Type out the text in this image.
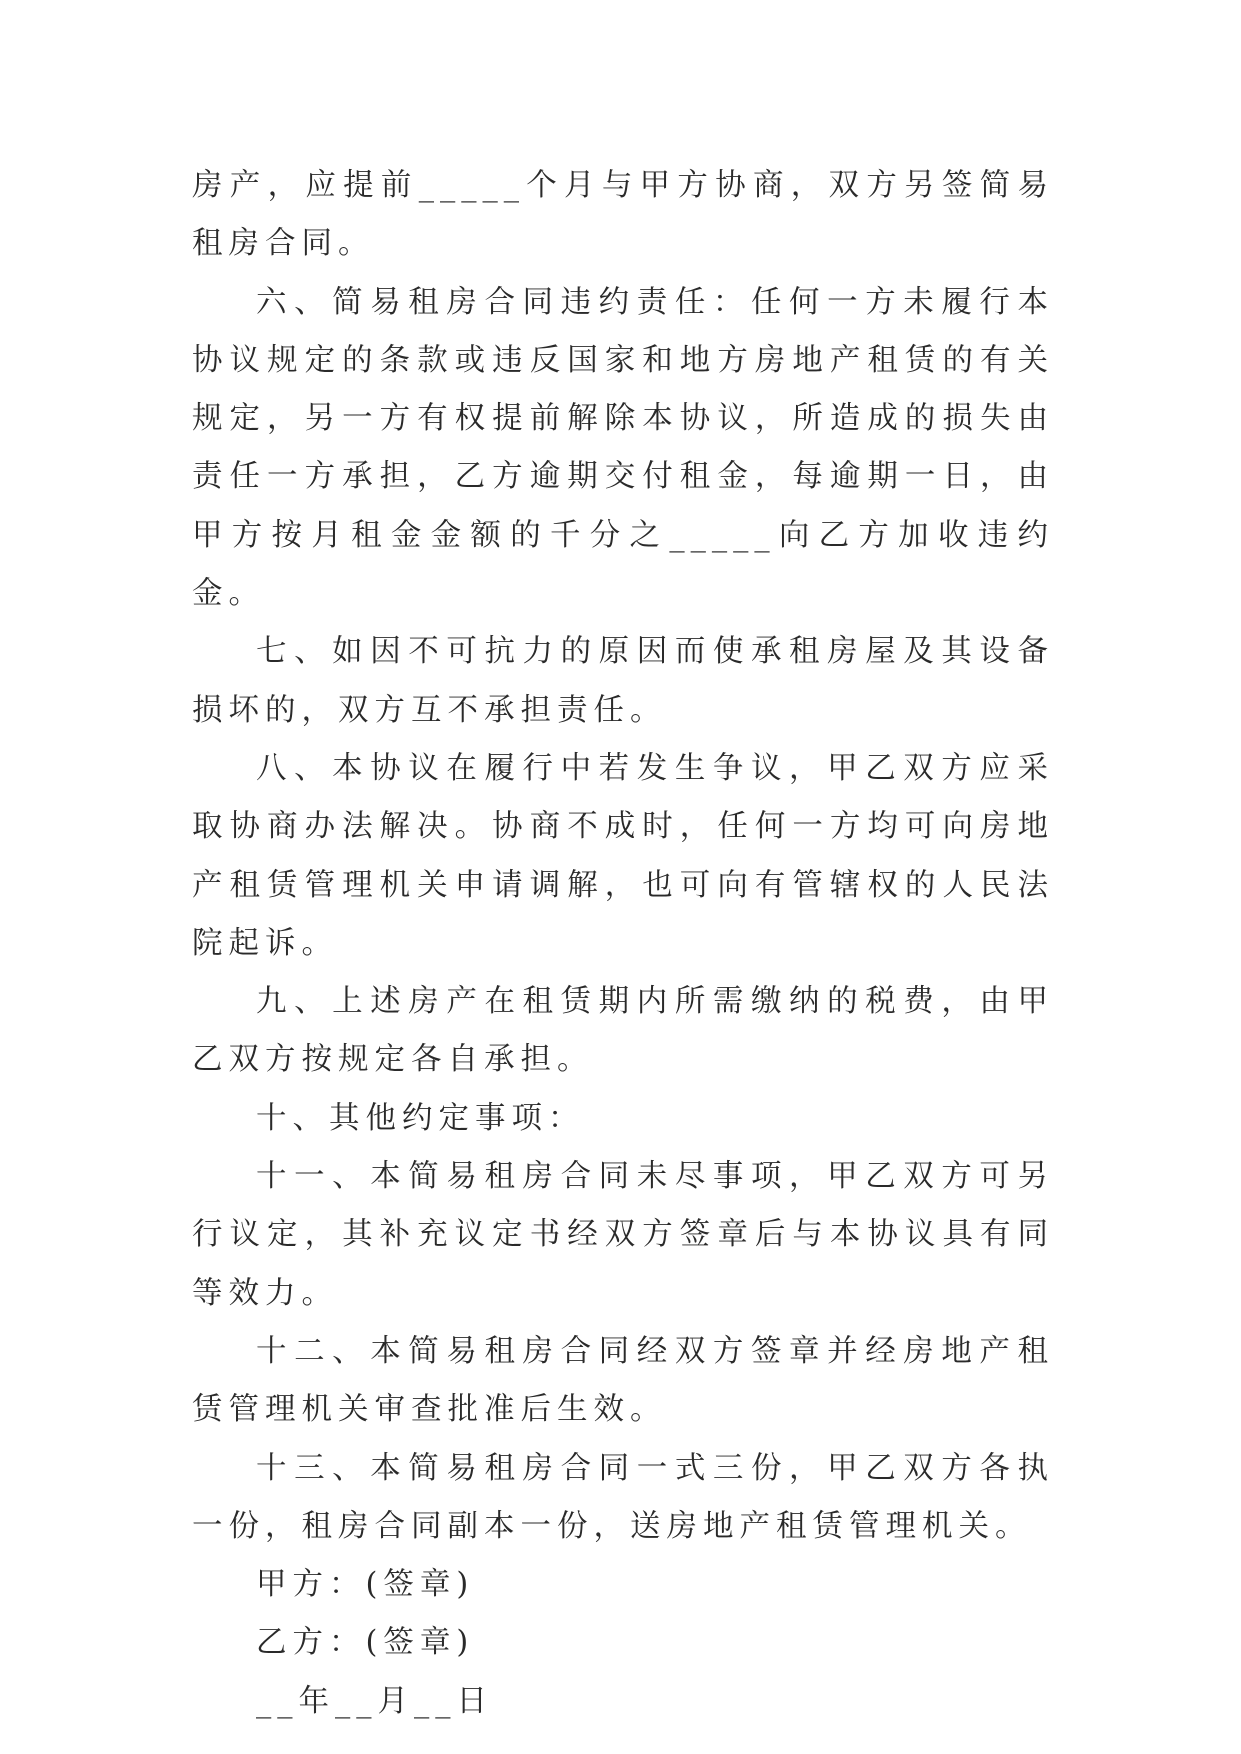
房产，应提前_____个月与甲方协商，双方另签简易租房合同。

六、简易租房合同违约责任：任何一方未履行本协议规定的条款或违反国家和地方房地产租赁的有关规定，另一方有权提前解除本协议，所造成的损失由责任一方承担，乙方逾期交付租金，每逾期一日，由甲方按月租金金额的千分之_____向乙方加收违约金。

七、如因不可抗力的原因而使承租房屋及其设备损坏的，双方互不承担责任。

八、本协议在履行中若发生争议，甲乙双方应采取协商办法解决。协商不成时，任何一方均可向房地产租赁管理机关申请调解，也可向有管辖权的人民法院起诉。

九、上述房产在租赁期内所需缴纳的税费，由甲乙双方按规定各自承担。

十、其他约定事项：

十一、本简易租房合同未尽事项，甲乙双方可另行议定，其补充议定书经双方签章后与本协议具有同等效力。

十二、本简易租房合同经双方签章并经房地产租赁管理机关审查批准后生效。

十三、本简易租房合同一式三份，甲乙双方各执一份，租房合同副本一份，送房地产租赁管理机关。

甲方：(签章)

乙方：(签章)

__年__月__日
